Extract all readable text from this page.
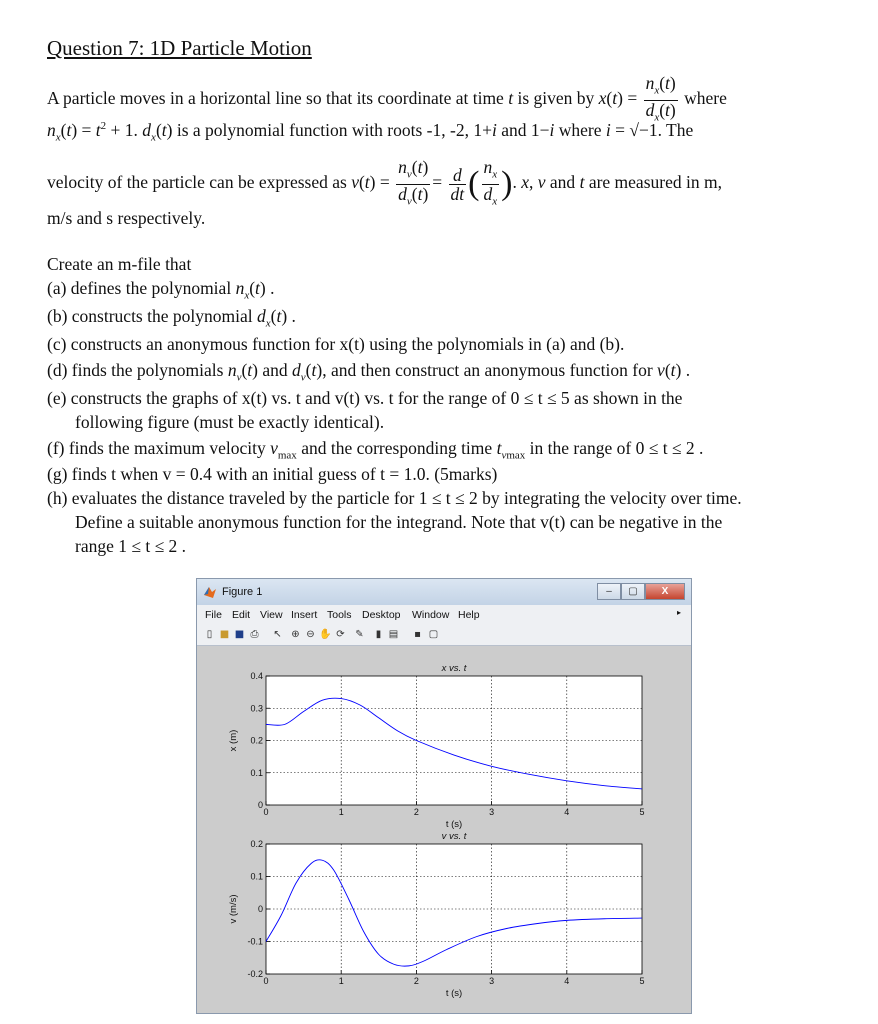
Question 7: 1D Particle Motion
A particle moves in a horizontal line so that its coordinate at time t is given by $x(t) = \frac{n_x(t)}{d_x(t)}$ where
$n_x(t) = t^2 + 1$. $d_x(t)$ is a polynomial function with roots -1, -2, 1+i and 1−i where i = √−1. The
velocity of the particle can be expressed as $v(t) = \frac{n_v(t)}{d_v(t)} = \frac{d}{dt}$ ( $\frac{n_x}{d_x}$ ). x, v and t are measured in m,
m/s and s respectively.
Create an m-file that
(a) defines the polynomial $n_x(t)$ .
(b) constructs the polynomial $d_x(t)$ .
(c) constructs an anonymous function for x(t) using the polynomials in (a) and (b).
(d) finds the polynomials $n_v(t)$ and $d_v(t)$, and then construct an anonymous function for v(t) .
(e) constructs the graphs of x(t) vs. t and v(t) vs. t for the range of 0 ≤ t ≤ 5 as shown in the
following figure (must be exactly identical).
(f) finds the maximum velocity $v_{max}$ and the corresponding time $t_{vmax}$ in the range of 0 ≤ t ≤ 2 .
(g) finds t when v = 0.4 with an initial guess of t = 1.0. (5marks)
(h) evaluates the distance traveled by the particle for 1 ≤ t ≤ 2 by integrating the velocity over time.
Define a suitable anonymous function for the integrand. Note that v(t) can be negative in the
range 1 ≤ t ≤ 2 .
Figure 1	–	▢	X
File Edit View Insert Tools Desktop Window Help	▸
▯ ■ ■ ⎙ ↖ ⊕ ⊖ ✋ ⟳ ✎	▮ ▤	▪ ▢
0	1	2	3	4	5
0
0.1
0.2
0.3
0.4
x vs. t
t (s)
x (m)
0	1	2	3	4	5
-0.2
-0.1
0
0.1
0.2
v vs. t
t (s)
v (m/s)
